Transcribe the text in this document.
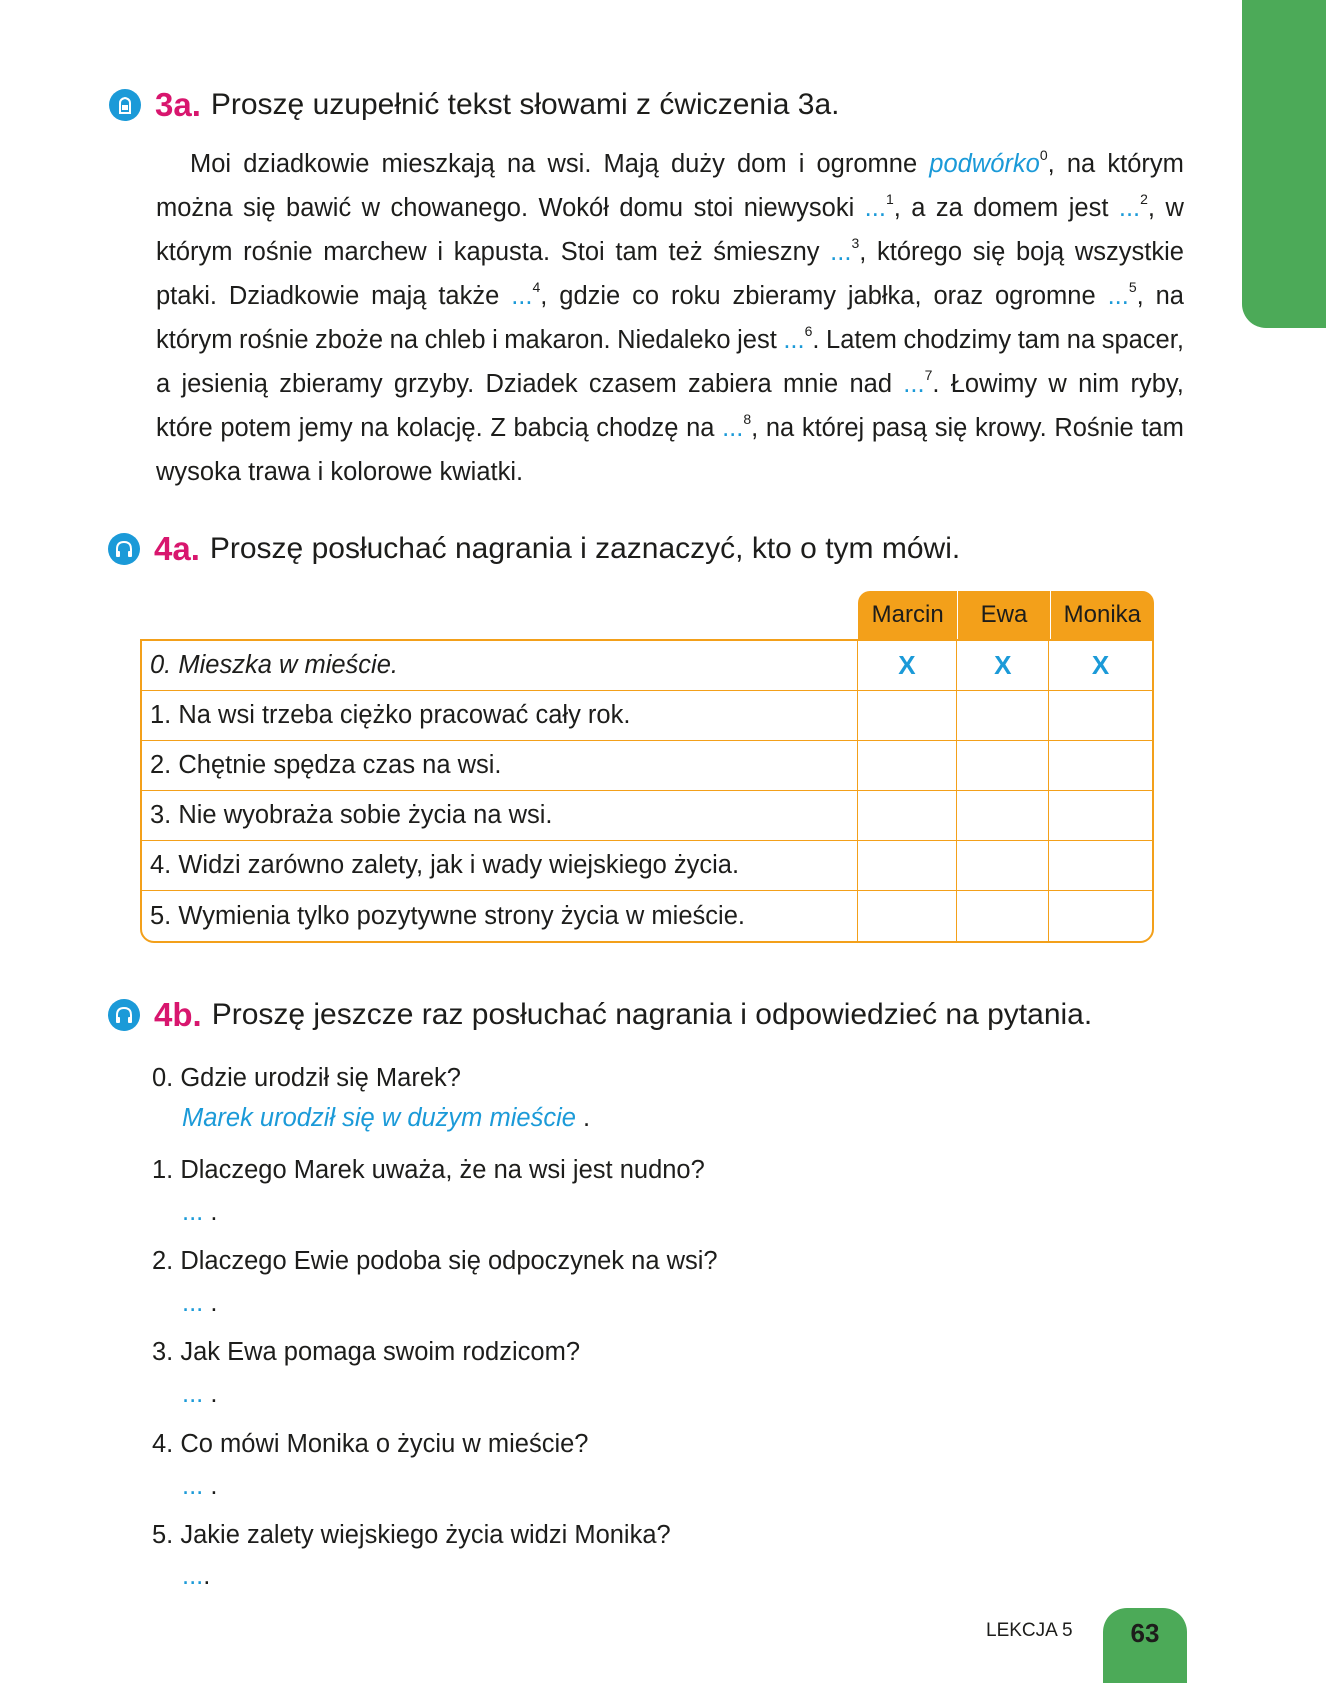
3a. Proszę uzupełnić tekst słowami z ćwiczenia 3a.
Moi dziadkowie mieszkają na wsi. Mają duży dom i ogromne podwórko$^0$, na którym
można się bawić w chowanego. Wokół domu stoi niewysoki ...$^1$, a za domem jest ...$^2$, w
którym rośnie marchew i kapusta. Stoi tam też śmieszny ...$^3$, którego się boją wszystkie
ptaki. Dziadkowie mają także ...$^4$, gdzie co roku zbieramy jabłka, oraz ogromne ...$^5$, na
którym rośnie zboże na chleb i makaron. Niedaleko jest ...$^6$. Latem chodzimy tam na spacer,
a jesienią zbieramy grzyby. Dziadek czasem zabiera mnie nad ...$^7$. Łowimy w nim ryby,
które potem jemy na kolację. Z babcią chodzę na ...$^8$, na której pasą się krowy. Rośnie tam
wysoka
trawa
i
kolorowe
kwiatki.

4a. Proszę posłuchać nagrania i zaznaczyć, kto o tym mówi.
Marcin	Ewa	Monika
0. Mieszka w mieście.	X	X	X
1. Na wsi trzeba ciężko pracować cały rok.
2. Chętnie spędza czas na wsi.
3. Nie wyobraża sobie życia na wsi.
4. Widzi zarówno zalety, jak i wady wiejskiego życia.
5. Wymienia tylko pozytywne strony życia w mieście.
4b. Proszę jeszcze raz posłuchać nagrania i odpowiedzieć na pytania.
0. Gdzie urodził się Marek?
Marek urodził się w dużym mieście .
1. Dlaczego Marek uważa, że na wsi jest nudno?
... .
2. Dlaczego Ewie podoba się odpoczynek na wsi?
... .
3. Jak Ewa pomaga swoim rodzicom?
... .
4. Co mówi Monika o życiu w mieście?
... .
5. Jakie zalety wiejskiego życia widzi Monika?
....
LEKCJA 5 63
